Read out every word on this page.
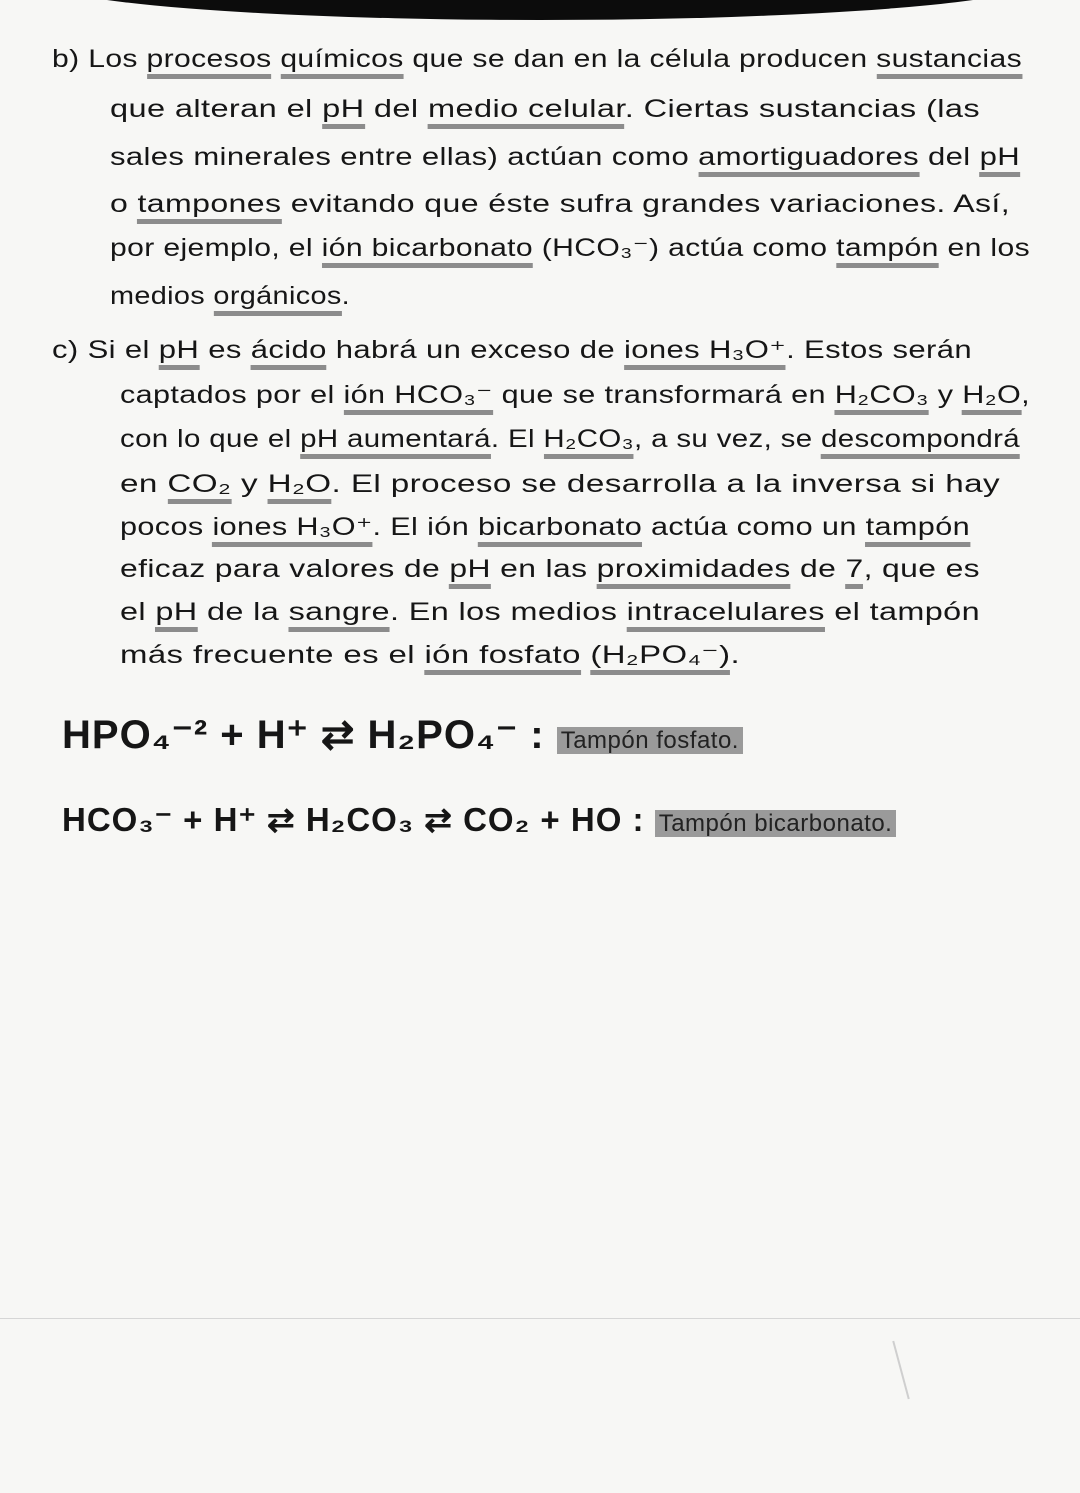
b) Los procesos químicos que se dan en la célula producen sustancias
que alteran el pH del medio celular. Ciertas sustancias (las
sales minerales entre ellas) actúan como amortiguadores del pH
o tampones evitando que éste sufra grandes variaciones. Así,
por ejemplo, el ión bicarbonato (HCO₃⁻) actúa como tampón en los
medios orgánicos.
c) Si el pH es ácido habrá un exceso de iones H₃O⁺. Estos serán
captados por el ión HCO₃⁻ que se transformará en H₂CO₃ y H₂O,
con lo que el pH aumentará. El H₂CO₃, a su vez, se descompondrá
en CO₂ y H₂O. El proceso se desarrolla a la inversa si hay
pocos iones H₃O⁺. El ión bicarbonato actúa como un tampón
eficaz para valores de pH en las proximidades de 7, que es
el pH de la sangre. En los medios intracelulares el tampón
más frecuente es el ión fosfato (H₂PO₄⁻).
HPO₄⁻² + H⁺ ⇄ H₂PO₄⁻ : Tampón fosfato.
HCO₃⁻ + H⁺ ⇄ H₂CO₃ ⇄ CO₂ + HO : Tampón bicarbonato.
